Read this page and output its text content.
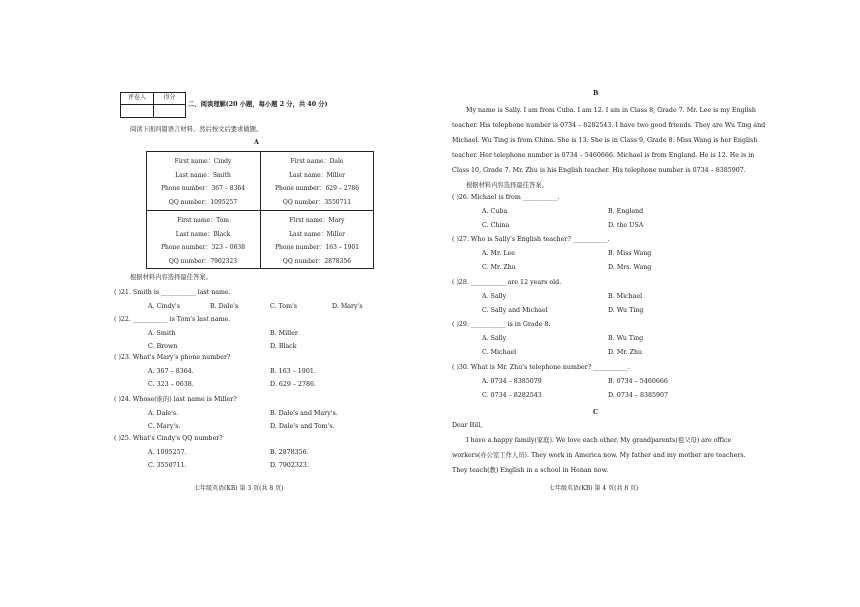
评卷人	得分
二、阅读理解(20 小题，每小题 2 分，共 40 分)
阅读下面四篇语言材料，然后按文后要求做题。
A
First name：Cindy
Last name：Smith
Phone number：367 – 8364
QQ number：1095257
First name：Dale
Last name：Miller
Phone number：629 – 2786
QQ number：3550711
First name：Tom
Last name：Black
Phone number：323 – 0638
QQ number：7902323
First name：Mary
Last name：Miller
Phone number：163 – 1901
QQ number：2878356
根据材料内容选择最佳答案。
七年级英语(KB) 第 3 页(共 8 页)
( )21. Smith is ___________ last name.
A. Cindy's	B. Dale's	C. Tom's	D. Mary's
( )22. ___________ is Tom's last name.
A. Smith	B. Miller
C. Brown	D. Black
( )23. What's Mary's phone number?
A. 367 – 8364.	B. 163 – 1901.
C. 323 – 0638.	D. 629 – 2786.
( )24. Whose(谁的) last name is Miller?
A. Dale's.	B. Dale's and Mary's.
C. Mary's.	D. Dale's and Tom's.
( )25. What's Cindy's QQ number?
A. 1095257.	B. 2878356.
C. 3550711.	D. 7902323.
B
根据材料内容选择最佳答案。
C
Dear Bill,
七年级英语(KB) 第 4 页(共 8 页)
My name is Sally. I am from Cuba. I am 12. I am in Class 8, Grade 7. Mr. Lee is my English
teacher. His telephone number is 0734 – 8282543. I have two good friends. They are Wu Ting and
Michael. Wu Ting is from China. She is 13. She is in Class 9, Grade 8. Miss Wang is her English
teacher. Her telephone number is 0734 – 5460666. Michael is from England. He is 12. He is in
Class 10, Grade 7. Mr. Zhu is his English teacher. His telephone number is 0734 – 8385907.
( )26. Michael is from ___________.
A. Cuba	B. England
C. China	D. the USA
( )27. Who is Sally's English teacher? ___________.
A. Mr. Lee	B. Miss Wang
C. Mr. Zhu	D. Mrs. Wang
( )28. ___________ are 12 years old.
A. Sally	B. Michael
C. Sally and Michael	D. Wu Ting
( )29. ___________ is in Grade 8.
A. Sally	B. Wu Ting
C. Michael	D. Mr. Zhu
( )30. What is Mr. Zhu's telephone number? ___________.
A. 0734 – 8385079	B. 0734 – 5460666
C. 0734 – 8282543	D. 0734 – 8385907
I have a happy family(家庭). We love each other. My grandparents(祖父母) are office
workers(办公室工作人员). They work in America now. My father and my mother are teachers.
They teach(教) English in a school in Henan now.
